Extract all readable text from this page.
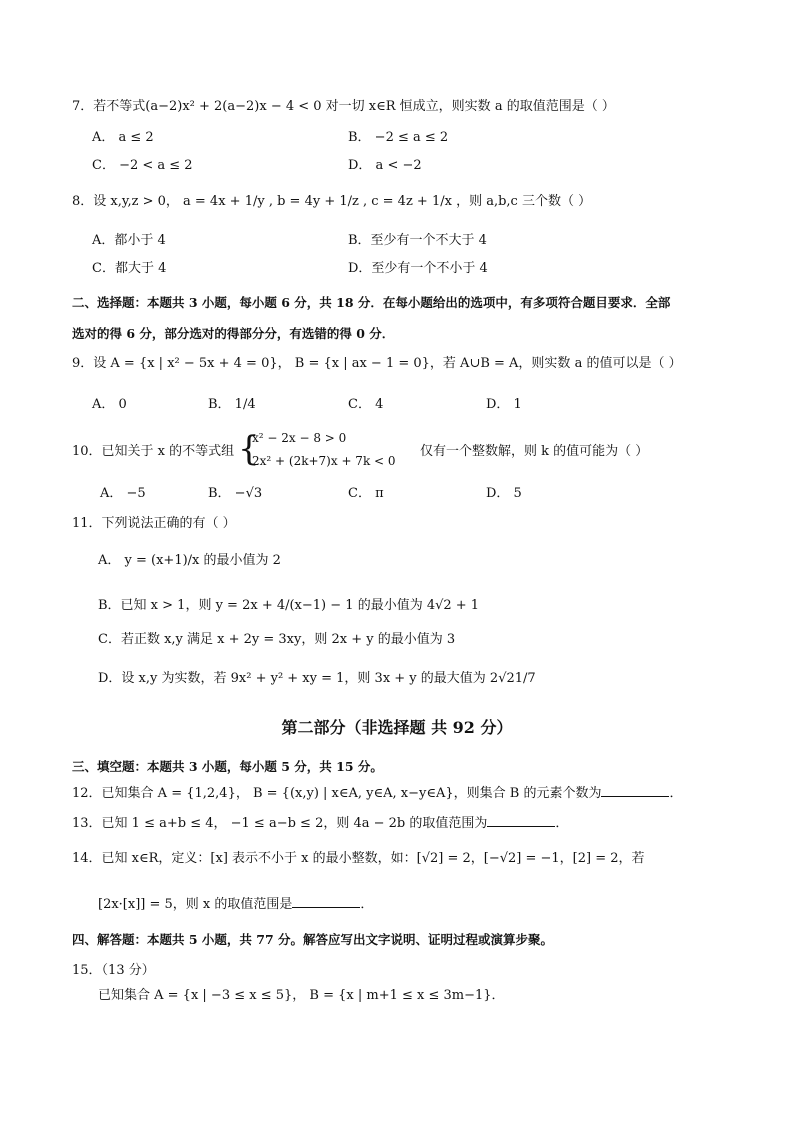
7．若不等式(a−2)x² + 2(a−2)x − 4 < 0 对一切 x∈R 恒成立，则实数 a 的取值范围是（ ）
A． a ≤ 2	B． −2 ≤ a ≤ 2
C． −2 < a ≤ 2	D． a < −2
8．设 x,y,z > 0， a = 4x + 1/y , b = 4y + 1/z , c = 4z + 1/x ，则 a,b,c 三个数（ ）
A．都小于 4	B．至少有一个不大于 4
C．都大于 4	D．至少有一个不小于 4
二、选择题：本题共 3 小题，每小题 6 分，共 18 分．在每小题给出的选项中，有多项符合题目要求．全部
选对的得 6 分，部分选对的得部分分，有选错的得 0 分．
9．设 A = {x | x² − 5x + 4 = 0}， B = {x | ax − 1 = 0}，若 A∪B = A，则实数 a 的值可以是（ ）
A． 0	B． 1/4	C． 4	D． 1
10．已知关于 x 的不等式组 {
x² − 2x − 8 > 0
2x² + (2k+7)x + 7k < 0
仅有一个整数解，则 k 的值可能为（ ）
A． −5	B． −√3	C． π	D． 5
11．下列说法正确的有（ ）
A． y = (x+1)/x 的最小值为 2
B．已知 x > 1，则 y = 2x + 4/(x−1) − 1 的最小值为 4√2 + 1
C．若正数 x,y 满足 x + 2y = 3xy，则 2x + y 的最小值为 3
D．设 x,y 为实数，若 9x² + y² + xy = 1，则 3x + y 的最大值为 2√21/7
第二部分（非选择题 共 92 分）
三、填空题：本题共 3 小题，每小题 5 分，共 15 分。
12．已知集合 A = {1,2,4}， B = {(x,y) | x∈A, y∈A, x−y∈A}，则集合 B 的元素个数为	．
13．已知 1 ≤ a+b ≤ 4， −1 ≤ a−b ≤ 2，则 4a − 2b 的取值范围为	．
14．已知 x∈R，定义：[x] 表示不小于 x 的最小整数，如：[√2] = 2，[−√2] = −1，[2] = 2，若
[2x·[x]] = 5，则 x 的取值范围是	．
四、解答题：本题共 5 小题，共 77 分。解答应写出文字说明、证明过程或演算步聚。
15．（13 分）
已知集合 A = {x | −3 ≤ x ≤ 5}， B = {x | m+1 ≤ x ≤ 3m−1}．
